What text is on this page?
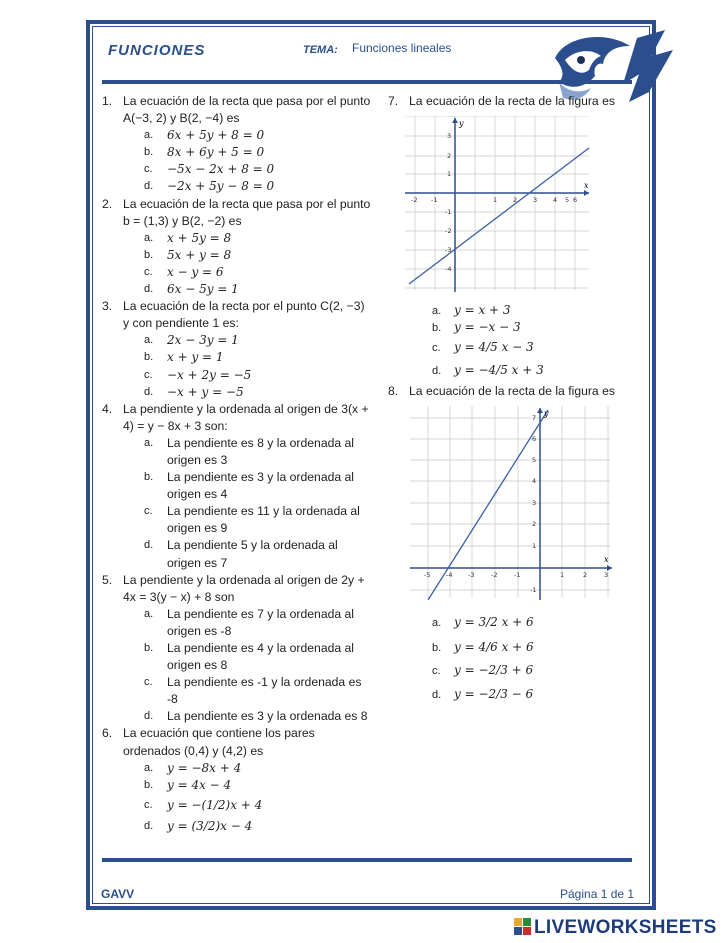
FUNCIONES	TEMA: Funciones lineales
1. La ecuación de la recta que pasa por el punto A(−3, 2) y B(2, −4) es
a.	6x + 5y + 8 = 0
b.	8x + 6y + 5 = 0
c.	−5x − 2x + 8 = 0
d.	−2x + 5y − 8 = 0
2. La ecuación de la recta que pasa por el punto b = (1,3) y B(2, −2) es
a.	x + 5y = 8
b.	5x + y = 8
c.	x − y = 6
d.	6x − 5y = 1
3. La ecuación de la recta por el punto C(2, −3) y con pendiente 1 es:
a.	2x − 3y = 1
b.	x + y = 1
c.	−x + 2y = −5
d.	−x + y = −5
4. La pendiente y la ordenada al origen de 3(x + 4) = y − 8x + 3 son:
a.	La pendiente es 8 y la ordenada al origen es 3
b.	La pendiente es 3 y la ordenada al origen es 4
c.	La pendiente es 11 y la ordenada al origen es 9
d.	La pendiente 5 y la ordenada al origen es 7
5. La pendiente y la ordenada al origen de 2y + 4x = 3(y − x) + 8 son
a.	La pendiente es 7 y la ordenada al origen es -8
b.	La pendiente es 4 y la ordenada al origen es 8
c.	La pendiente es -1 y la ordenada es -8
d.	La pendiente es 3 y la ordenada es 8
6. La ecuación que contiene los pares ordenados (0,4) y (4,2) es
a.	y = −8x + 4
b.	y = 4x − 4
c.	y = −(1/2)x + 4
d.	y = (3/2)x − 4
7. La ecuación de la recta de la figura es
x
y
-2 -1	1 2 3 4 5 6
3
2
1
-1
-2
-3
-4
a. y = x + 3
b. y = −x − 3
c. y = 4/5 x − 3
d. y = −4/5 x + 3
8. La ecuación de la recta de la figura es
x
y
-5 -4 -3	-2	-1	1	2	3
7
6
5
4
3
2
1
-1
a. y = 3/2 x + 6
b. y = 4/6 x + 6
c. y = −2/3 + 6
d. y = −2/3 − 6
GAVV	Página 1 de 1
LIVEWORKSHEETS
